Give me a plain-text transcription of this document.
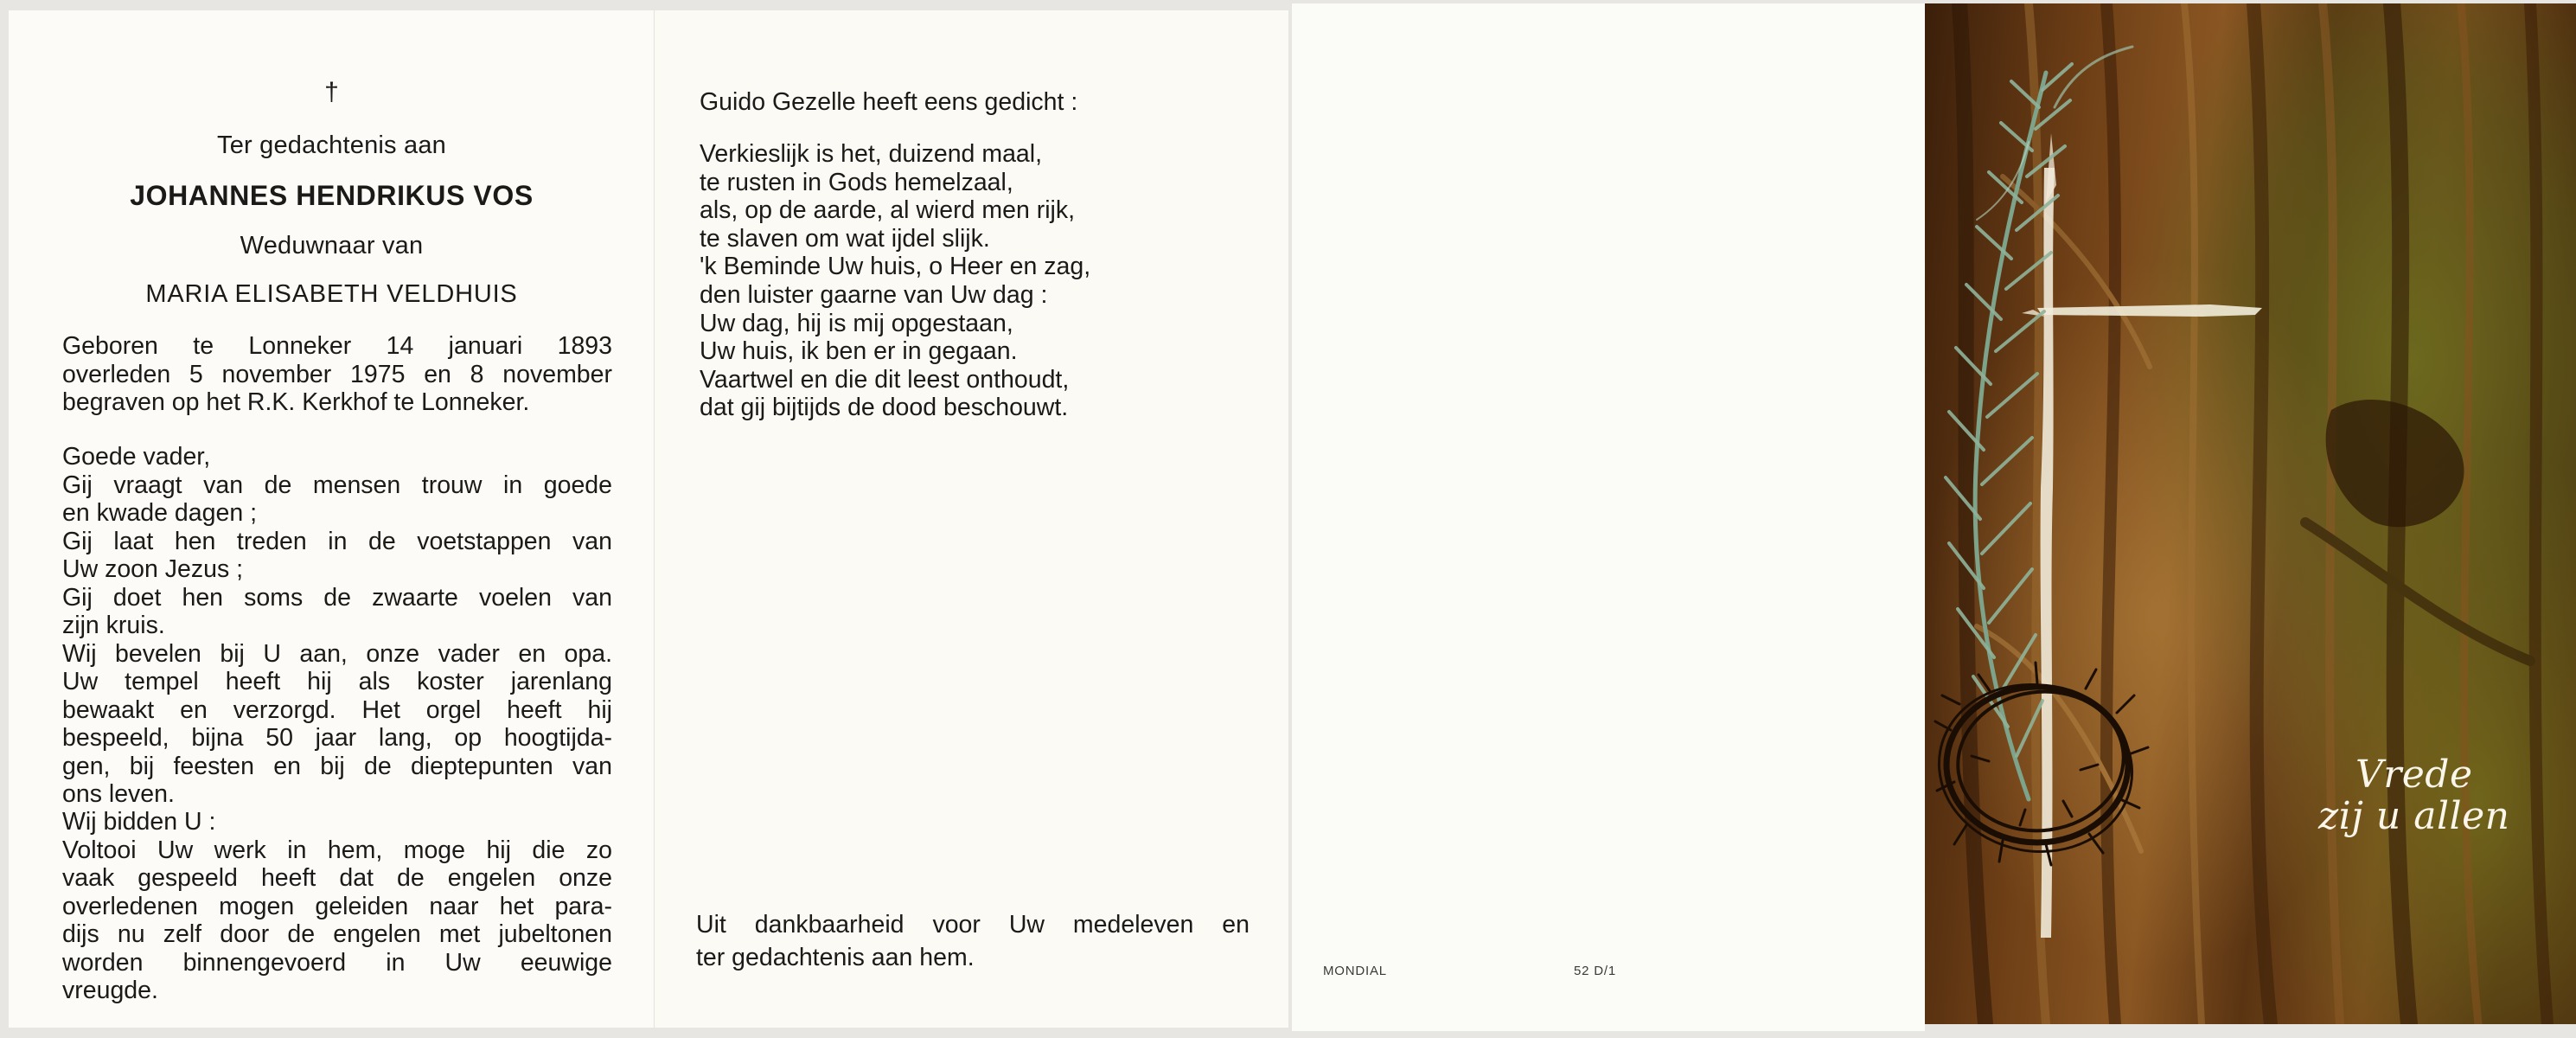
†
Ter gedachtenis aan
JOHANNES HENDRIKUS VOS
Weduwnaar van
MARIA ELISABETH VELDHUIS
Geboren te Lonneker 14 januari 1893
overleden 5 november 1975 en 8 november
begraven op het R.K. Kerkhof te Lonneker.
Goede vader,
Gij vraagt van de mensen trouw in goede
en kwade dagen ;
Gij laat hen treden in de voetstappen van
Uw zoon Jezus ;
Gij doet hen soms de zwaarte voelen van
zijn kruis.
Wij bevelen bij U aan, onze vader en opa.
Uw tempel heeft hij als koster jarenlang
bewaakt en verzorgd. Het orgel heeft hij
bespeeld, bijna 50 jaar lang, op hoogtijda-
gen, bij feesten en bij de dieptepunten van
ons leven.
Wij bidden U :
Voltooi Uw werk in hem, moge hij die zo
vaak gespeeld heeft dat de engelen onze
overledenen mogen geleiden naar het para-
dijs nu zelf door de engelen met jubeltonen
worden binnengevoerd in Uw eeuwige
vreugde.
Guido Gezelle heeft eens gedicht :
Verkieslijk is het, duizend maal,
te rusten in Gods hemelzaal,
als, op de aarde, al wierd men rijk,
te slaven om wat ijdel slijk.
'k Beminde Uw huis, o Heer en zag,
den luister gaarne van Uw dag :
Uw dag, hij is mij opgestaan,
Uw huis, ik ben er in gegaan.
Vaartwel en die dit leest onthoudt,
dat gij bijtijds de dood beschouwt.
Uit dankbaarheid voor Uw medeleven en
ter gedachtenis aan hem.	MONDIAL	52 D/1
Vrede
zij u allen
